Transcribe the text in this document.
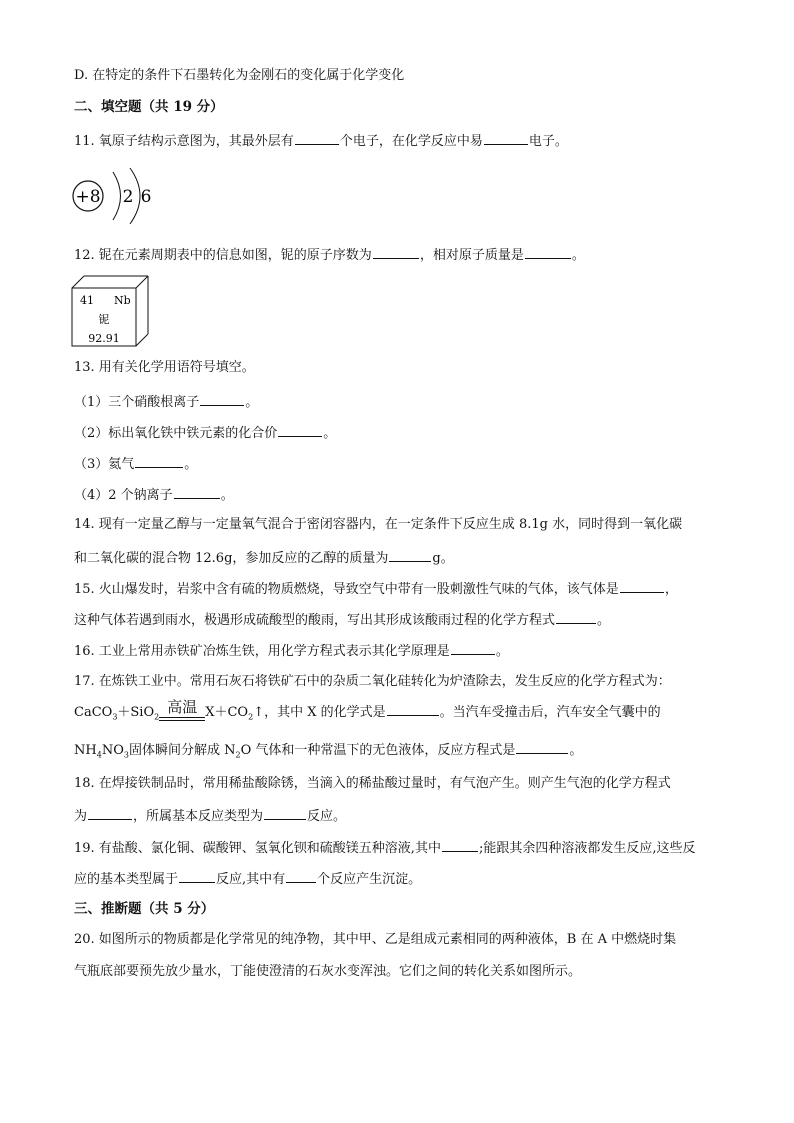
D. 在特定的条件下石墨转化为金刚石的变化属于化学变化
二、填空题（共 19 分）
11. 氧原子结构示意图为，其最外层有	个电子，在化学反应中易	电子。
+8 2 6
12. 铌在元素周期表中的信息如图，铌的原子序数为	，相对原子质量是	。
41 Nb
铌
92.91
13. 用有关化学用语符号填空。
（1）三个硝酸根离子	。
（2）标出氧化铁中铁元素的化合价	。
（3）氦气	。
（4）2 个钠离子	。
14. 现有一定量乙醇与一定量氧气混合于密闭容器内，在一定条件下反应生成 8.1g 水，同时得到一氧化碳
和二氧化碳的混合物 12.6g，参加反应的乙醇的质量为	g。
15. 火山爆发时，岩浆中含有硫的物质燃烧，导致空气中带有一股刺激性气味的气体，该气体是	，
这种气体若遇到雨水，极遇形成硫酸型的酸雨，写出其形成该酸雨过程的化学方程式	。
16. 工业上常用赤铁矿冶炼生铁，用化学方程式表示其化学原理是	。
17. 在炼铁工业中。常用石灰石将铁矿石中的杂质二氧化硅转化为炉渣除去，发生反应的化学方程式为：
CaCO$_3$＋SiO$_2$
高温 $X+CO_2↑$，其中 X 的化学式是	。当汽车受撞击后，汽车安全气囊中的
$NH_4NO_3$固体瞬间分解成 $N_2O$ 气体和一种常温下的无色液体，反应方程式是	。
18. 在焊接铁制品时，常用稀盐酸除锈，当滴入的稀盐酸过量时，有气泡产生。则产生气泡的化学方程式
为	，所属基本反应类型为	反应。
19. 有盐酸、氯化铜、碳酸钾、氢氧化钡和硫酸镁五种溶液,其中	;能跟其余四种溶液都发生反应,这些反
应的基本类型属于	反应,其中有 个反应产生沉淀。
三、推断题（共 5 分）
20. 如图所示的物质都是化学常见的纯净物，其中甲、乙是组成元素相同的两种液体，B 在 A 中燃烧时集
气瓶底部要预先放少量水，丁能使澄清的石灰水变浑浊。它们之间的转化关系如图所示。
